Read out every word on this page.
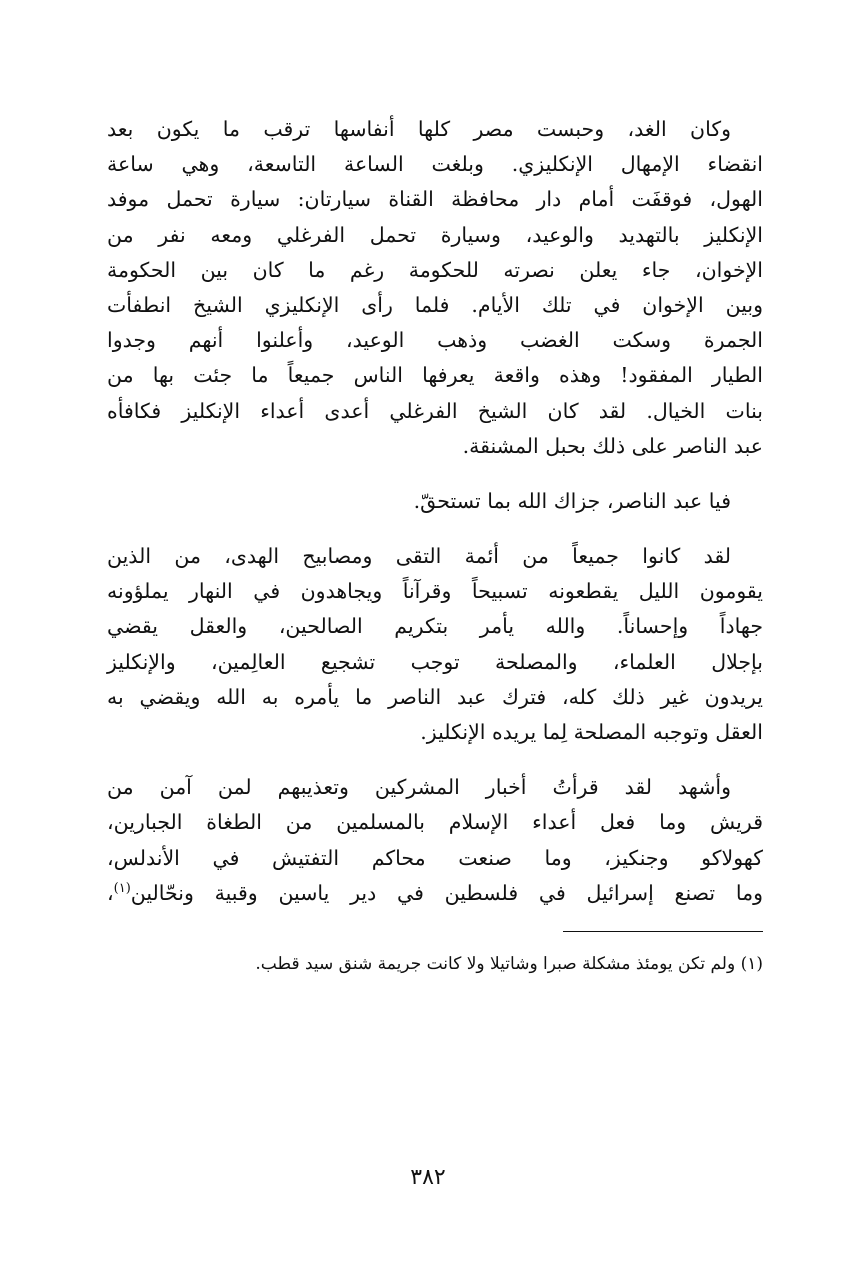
وكان الغد، وحبست مصر كلها أنفاسها ترقب ما يكون بعد
انقضاء الإمهال الإنكليزي. وبلغت الساعة التاسعة، وهي ساعة
الهول، فوقفَت أمام دار محافظة القناة سيارتان: سيارة تحمل موفد
الإنكليز بالتهديد والوعيد، وسيارة تحمل الفرغلي ومعه نفر من
الإخوان، جاء يعلن نصرته للحكومة رغم ما كان بين الحكومة
وبين الإخوان في تلك الأيام. فلما رأى الإنكليزي الشيخ انطفأت
الجمرة وسكت الغضب وذهب الوعيد، وأعلنوا أنهم وجدوا
الطيار المفقود! وهذه واقعة يعرفها الناس جميعاً ما جئت بها من
بنات الخيال. لقد كان الشيخ الفرغلي أعدى أعداء الإنكليز فكافأه
عبد الناصر على ذلك بحبل المشنقة.
فيا عبد الناصر، جزاك الله بما تستحقّ.
لقد كانوا جميعاً من أئمة التقى ومصابيح الهدى، من الذين
يقومون الليل يقطعونه تسبيحاً وقرآناً ويجاهدون في النهار يملؤونه
جهاداً وإحساناً. والله يأمر بتكريم الصالحين، والعقل يقضي
بإجلال العلماء، والمصلحة توجب تشجيع العالِمين، والإنكليز
يريدون غير ذلك كله، فترك عبد الناصر ما يأمره به الله ويقضي به
العقل وتوجبه المصلحة لِما يريده الإنكليز.
وأشهد لقد قرأتُ أخبار المشركين وتعذيبهم لمن آمن من
قريش وما فعل أعداء الإسلام بالمسلمين من الطغاة الجبارين،
كهولاكو وجنكيز، وما صنعت محاكم التفتيش في الأندلس،
وما تصنع إسرائيل في فلسطين في دير ياسين وقبية ونحّالين$^{(١)}$،
(١) ولم تكن يومئذ مشكلة صبرا وشاتيلا ولا كانت جريمة شنق سيد قطب.
٣٨٢
